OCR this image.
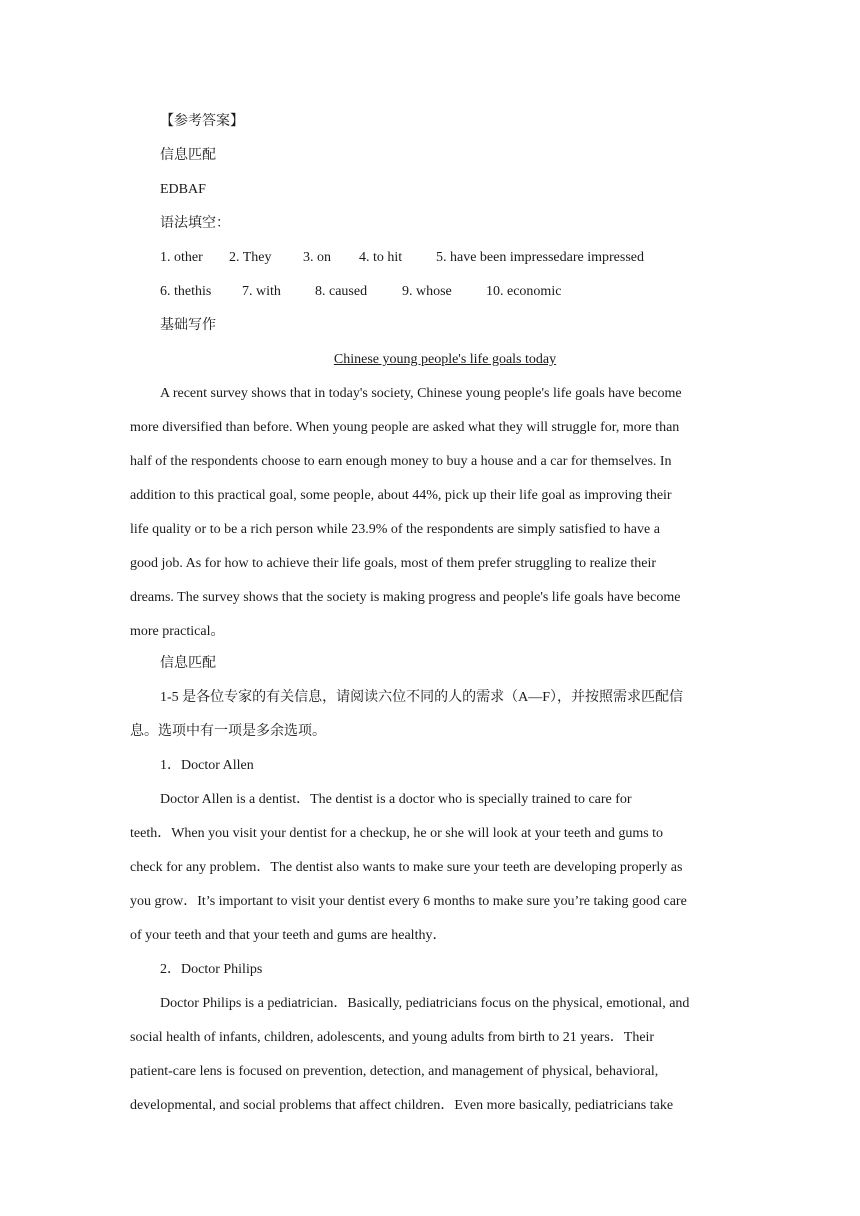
【参考答案】
信息匹配
EDBAF
语法填空：
1. other 2. They 3. on 4. to hit 5. have been impressedare impressed
6. thethis 7. with 8. caused 9. whose 10. economic
基础写作
Chinese young people's life goals today
A recent survey shows that in today's society, Chinese young people's life goals have become
more diversified than before. When young people are asked what they will struggle for, more than
half of the respondents choose to earn enough money to buy a house and a car for themselves. In
addition to this practical goal, some people, about 44%, pick up their life goal as improving their
life quality or to be a rich person while 23.9% of the respondents are simply satisfied to have a
good job. As for how to achieve their life goals, most of them prefer struggling to realize their
dreams. The survey shows that the society is making progress and people's life goals have become
more practical。
信息匹配
1-5 是各位专家的有关信息，请阅读六位不同的人的需求（A—F），并按照需求匹配信
息。选项中有一项是多余选项。
1．Doctor Allen
Doctor Allen is a dentist．The dentist is a doctor who is specially trained to care for
teeth．When you visit your dentist for a checkup, he or she will look at your teeth and gums to
check for any problem．The dentist also wants to make sure your teeth are developing properly as
you grow．It’s important to visit your dentist every 6 months to make sure you’re taking good care
of your teeth and that your teeth and gums are healthy．
2．Doctor Philips
Doctor Philips is a pediatrician．Basically, pediatricians focus on the physical, emotional, and
social health of infants, children, adolescents, and young adults from birth to 21 years．Their
patient-care lens is focused on prevention, detection, and management of physical, behavioral,
developmental, and social problems that affect children．Even more basically, pediatricians take
